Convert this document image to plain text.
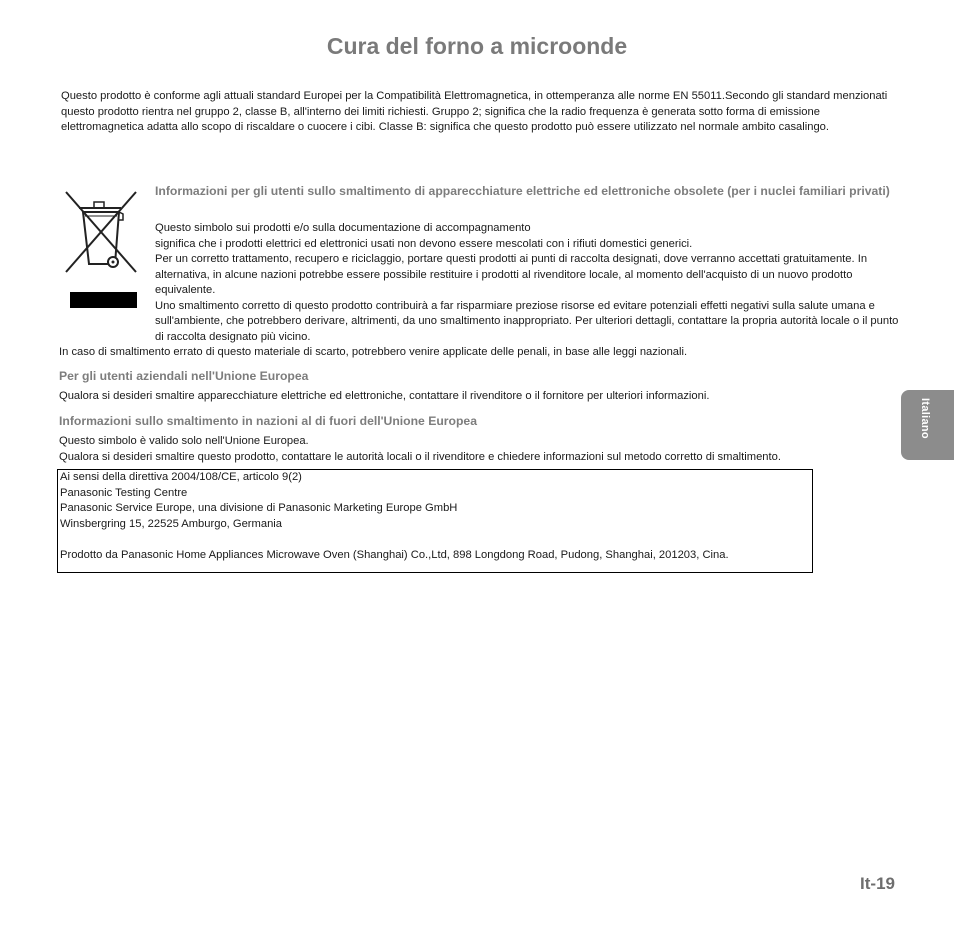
Cura del forno a microonde

Questo prodotto è conforme agli attuali standard Europei per la Compatibilità Elettromagnetica, in ottemperanza alle norme EN 55011.Secondo gli standard menzionati questo prodotto rientra nel gruppo 2, classe B, all'interno dei limiti richiesti. Gruppo 2; significa che la radio frequenza è generata sotto forma di emissione elettromagnetica adatta allo scopo di riscaldare o cuocere i cibi. Classe B: significa che questo prodotto può essere utilizzato nel normale ambito casalingo.

Informazioni per gli utenti sullo smaltimento di apparecchiature elettriche ed elettroniche obsolete (per i nuclei familiari privati)
Questo simbolo sui prodotti e/o sulla documentazione di accompagnamento
significa che i prodotti elettrici ed elettronici usati non devono essere mescolati con i rifiuti domestici generici.
Per un corretto trattamento, recupero e riciclaggio, portare questi prodotti ai punti di raccolta designati, dove verranno accettati gratuitamente. In alternativa, in alcune nazioni potrebbe essere possibile restituire i prodotti al rivenditore locale, al momento dell'acquisto di un nuovo prodotto equivalente.
Uno smaltimento corretto di questo prodotto contribuirà a far risparmiare preziose risorse ed evitare potenziali effetti negativi sulla salute umana e sull'ambiente, che potrebbero derivare, altrimenti, da uno smaltimento inappropriato. Per ulteriori dettagli, contattare la propria autorità locale o il punto di raccolta designato più vicino.

In caso di smaltimento errato di questo materiale di scarto, potrebbero venire applicate delle penali, in base alle leggi nazionali.

Per gli utenti aziendali nell'Unione Europea

Qualora si desideri smaltire apparecchiature elettriche ed elettroniche, contattare il rivenditore o il fornitore per ulteriori informazioni.

Informazioni sullo smaltimento in nazioni al di fuori dell'Unione Europea
Questo simbolo è valido solo nell'Unione Europea.
Qualora si desideri smaltire questo prodotto, contattare le autorità locali o il rivenditore e chiedere informazioni sul metodo corretto di smaltimento.
Ai sensi della direttiva 2004/108/CE, articolo 9(2)
Panasonic Testing Centre
Panasonic Service Europe, una divisione di Panasonic Marketing Europe GmbH
Winsbergring 15, 22525 Amburgo, Germania
Prodotto da Panasonic Home Appliances Microwave Oven (Shanghai) Co.,Ltd, 898 Longdong Road, Pudong, Shanghai, 201203, Cina.
Italiano
It-19
